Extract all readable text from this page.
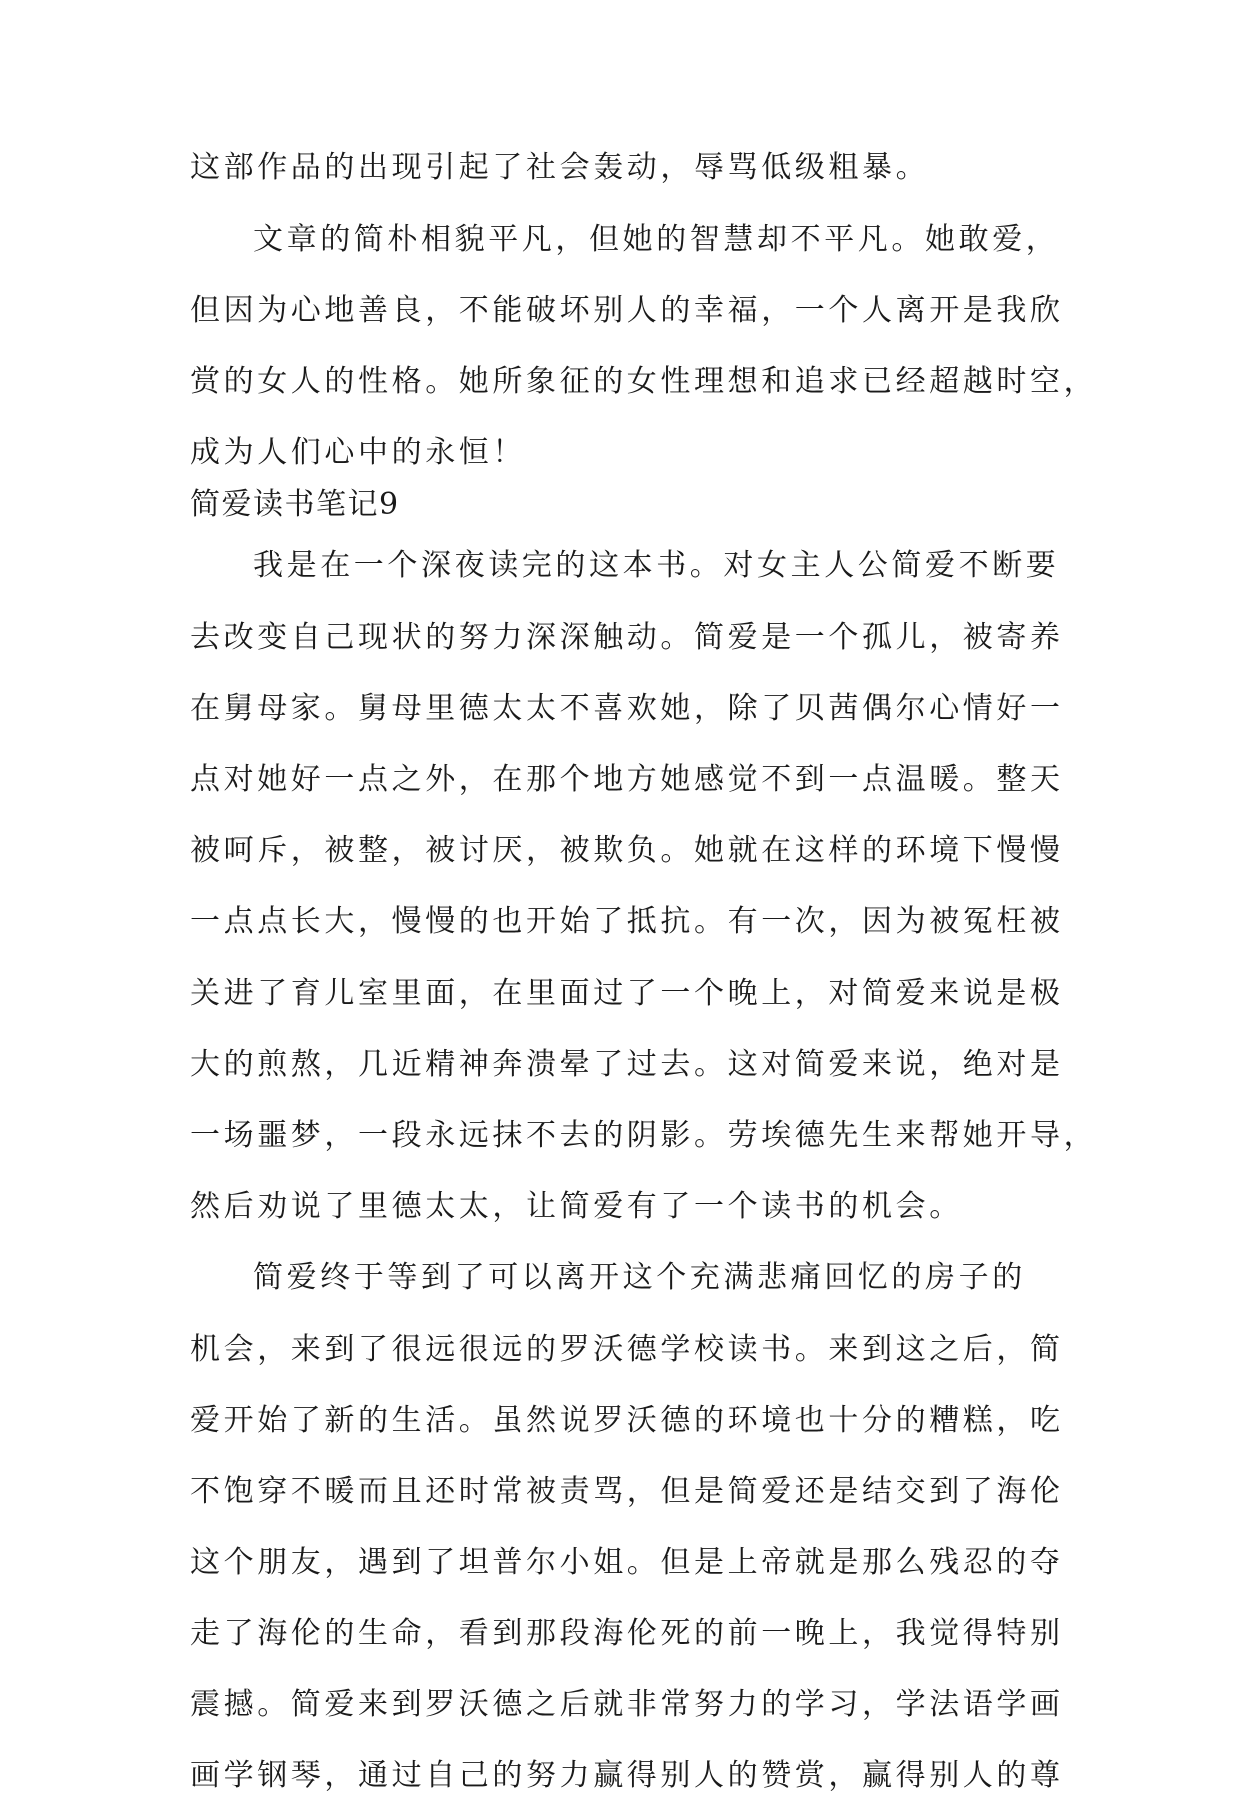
这部作品的出现引起了社会轰动，辱骂低级粗暴。
文章的简朴相貌平凡，但她的智慧却不平凡。她敢爱，
但因为心地善良，不能破坏别人的幸福，一个人离开是我欣
赏的女人的性格。她所象征的女性理想和追求已经超越时空，
成为人们心中的永恒！
简爱读书笔记9
我是在一个深夜读完的这本书。对女主人公简爱不断要
去改变自己现状的努力深深触动。简爱是一个孤儿，被寄养
在舅母家。舅母里德太太不喜欢她，除了贝茜偶尔心情好一
点对她好一点之外，在那个地方她感觉不到一点温暖。整天
被呵斥，被整，被讨厌，被欺负。她就在这样的环境下慢慢
一点点长大，慢慢的也开始了抵抗。有一次，因为被冤枉被
关进了育儿室里面，在里面过了一个晚上，对简爱来说是极
大的煎熬，几近精神奔溃晕了过去。这对简爱来说，绝对是
一场噩梦，一段永远抹不去的阴影。劳埃德先生来帮她开导，
然后劝说了里德太太，让简爱有了一个读书的机会。
简爱终于等到了可以离开这个充满悲痛回忆的房子的
机会，来到了很远很远的罗沃德学校读书。来到这之后，简
爱开始了新的生活。虽然说罗沃德的环境也十分的糟糕，吃
不饱穿不暖而且还时常被责骂，但是简爱还是结交到了海伦
这个朋友，遇到了坦普尔小姐。但是上帝就是那么残忍的夺
走了海伦的生命，看到那段海伦死的前一晚上，我觉得特别
震撼。简爱来到罗沃德之后就非常努力的学习，学法语学画
画学钢琴，通过自己的努力赢得别人的赞赏，赢得别人的尊
